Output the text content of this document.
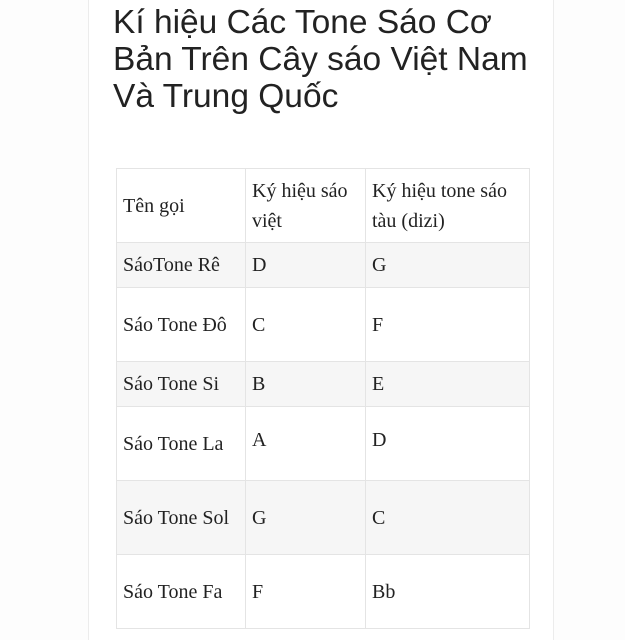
Kí hiệu Các Tone Sáo Cơ Bản Trên Cây sáo Việt Nam Và Trung Quốc
Tên gọi	Ký hiệu sáo việt	Ký hiệu tone sáo tàu (dizi)
SáoTone Rê	D	G
Sáo Tone Đô	C	F
Sáo Tone Si	B	E
Sáo Tone La	A	D
Sáo Tone Sol	G	C
Sáo Tone Fa	F	Bb
